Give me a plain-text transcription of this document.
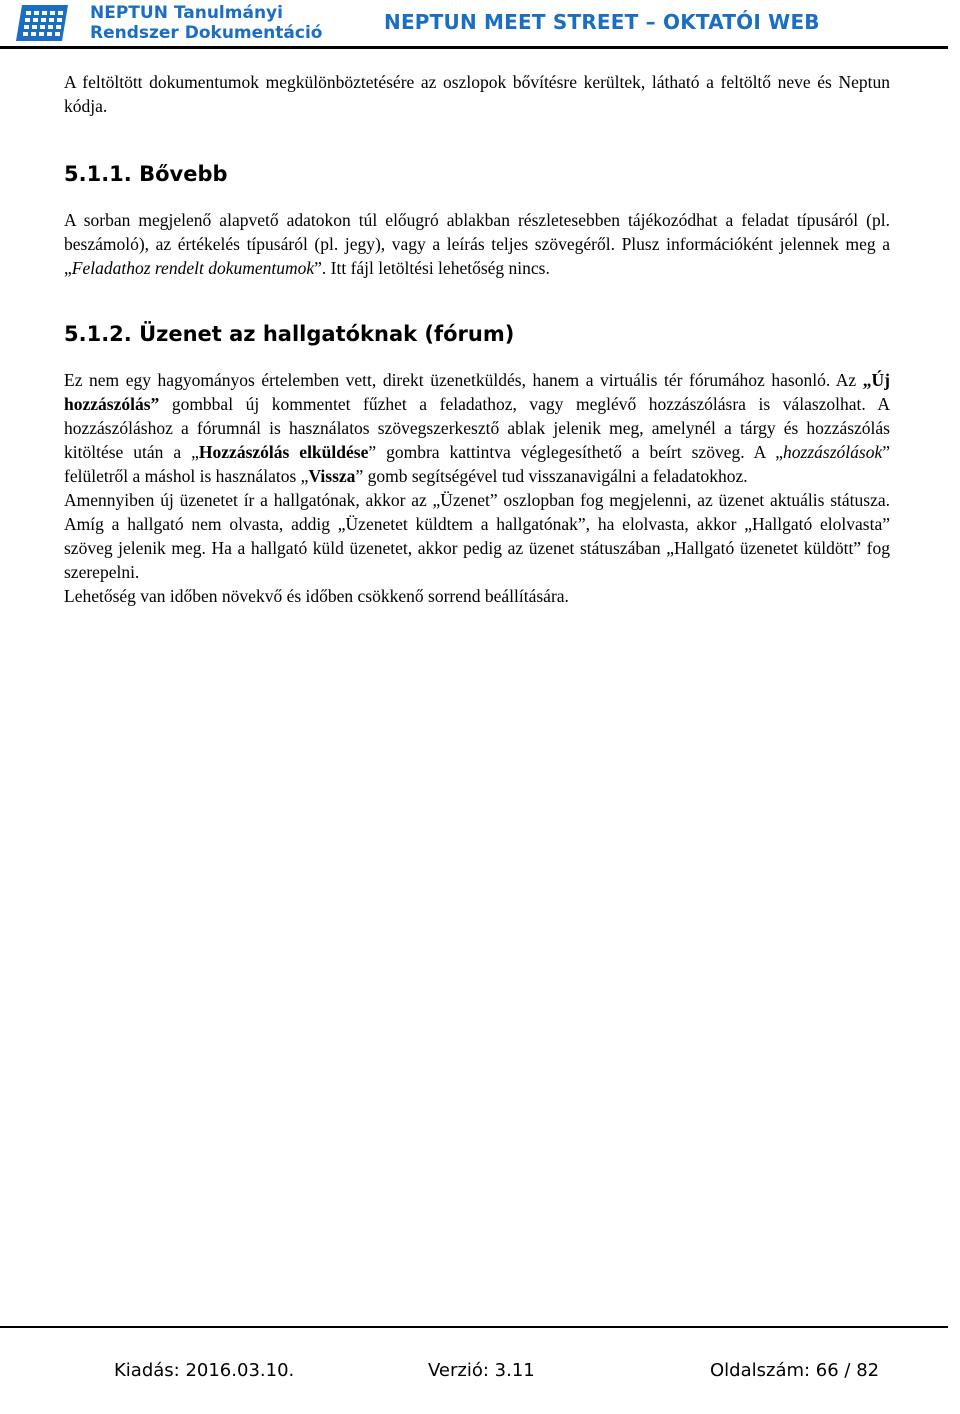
NEPTUN Tanulmányi
Rendszer Dokumentáció	NEPTUN MEET STREET – OKTATÓI WEB

A feltöltött dokumentumok megkülönböztetésére az oszlopok bővítésre kerültek, látható a feltöltő neve és Neptun kódja.

5.1.1. Bővebb

A sorban megjelenő alapvető adatokon túl előugró ablakban részletesebben tájékozódhat a feladat típusáról (pl. beszámoló), az értékelés típusáról (pl. jegy), vagy a leírás teljes szövegéről. Plusz információként jelennek meg a „Feladathoz rendelt dokumentumok”. Itt fájl letöltési lehetőség nincs.

5.1.2. Üzenet az hallgatóknak (fórum)

Ez nem egy hagyományos értelemben vett, direkt üzenetküldés, hanem a virtuális tér fórumához hasonló. Az „Új hozzászólás” gombbal új kommentet fűzhet a feladathoz, vagy meglévő hozzászólásra is válaszolhat. A hozzászóláshoz a fórumnál is használatos szövegszerkesztő ablak jelenik meg, amelynél a tárgy és hozzászólás kitöltése után a „Hozzászólás elküldése” gombra kattintva véglegesíthető a beírt szöveg. A „hozzászólások” felületről a máshol is használatos „Vissza” gomb segítségével tud visszanavigálni a feladatokhoz.

Amennyiben új üzenetet ír a hallgatónak, akkor az „Üzenet” oszlopban fog megjelenni, az üzenet aktuális státusza. Amíg a hallgató nem olvasta, addig „Üzenetet küldtem a hallgatónak”, ha elolvasta, akkor „Hallgató elolvasta” szöveg jelenik meg. Ha a hallgató küld üzenetet, akkor pedig az üzenet státuszában „Hallgató üzenetet küldött” fog szerepelni.

Lehetőség van időben növekvő és időben csökkenő sorrend beállítására.

Kiadás: 2016.03.10.	Verzió: 3.11	Oldalszám: 66 / 82
